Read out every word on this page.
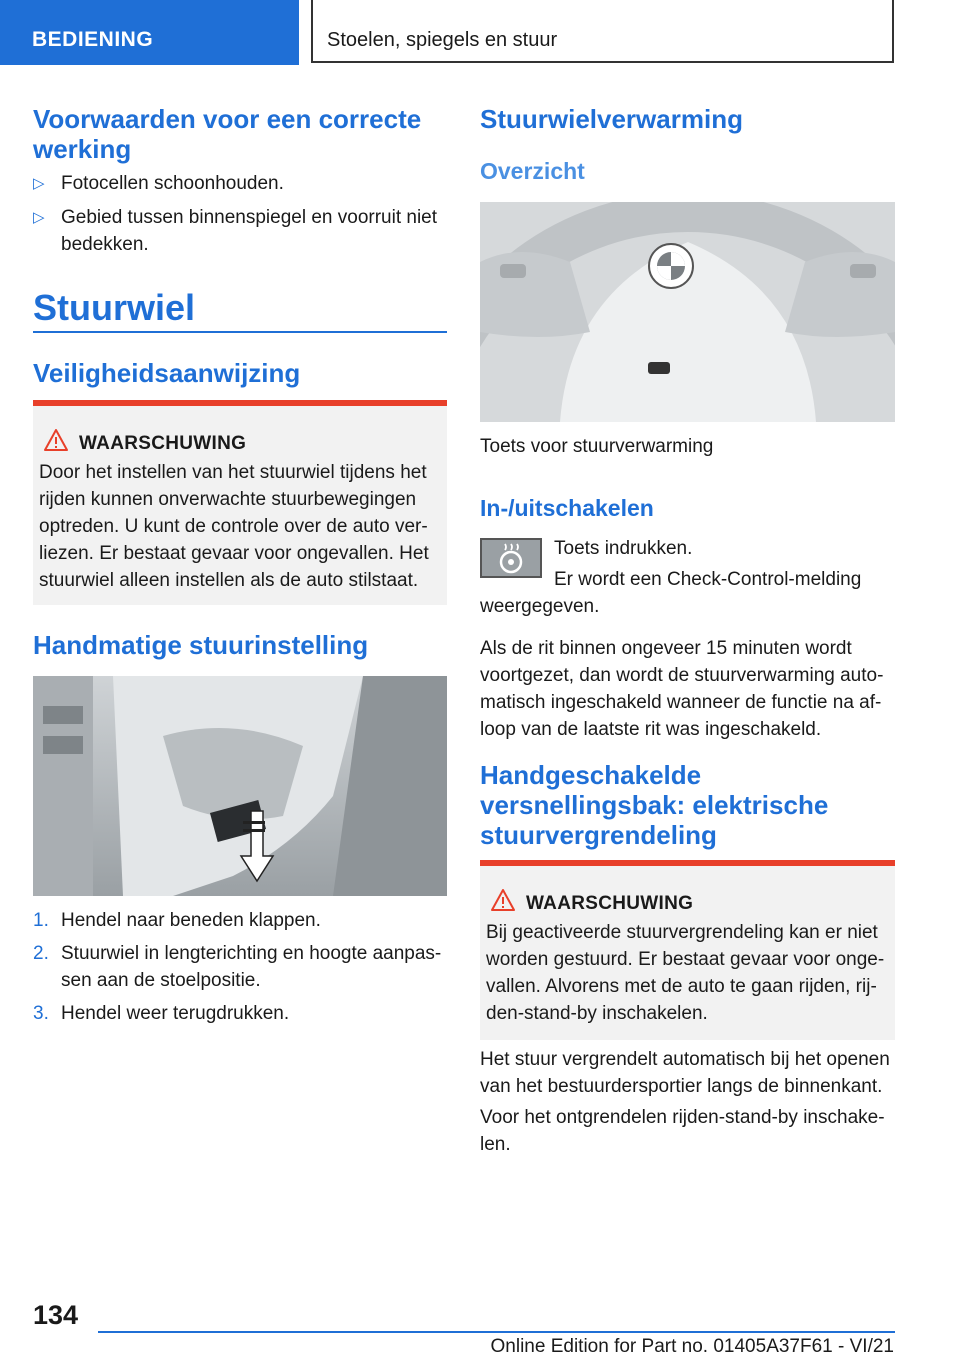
BEDIENING	Stoelen, spiegels en stuur
Voorwaarden voor een correcte werking
▷ Fotocellen schoonhouden.
▷ Gebied tussen binnenspiegel en voorruit niet bedekken.
Stuurwiel
Veiligheidsaanwijzing
WAARSCHUWING

Door het instellen van het stuurwiel tijdens het rijden kunnen onverwachte stuurbewegingen optreden. U kunt de controle over de auto ver-liezen. Er bestaat gevaar voor ongevallen. Het stuurwiel alleen instellen als de auto stilstaat.

Handmatige stuurinstelling
1. Hendel naar beneden klappen.
2. Stuurwiel in lengterichting en hoogte aanpas-sen aan de stoelpositie.
3. Hendel weer terugdrukken.
Stuurwielverwarming
Overzicht

Toets voor stuurverwarming

In-/uitschakelen

Toets indrukken.

Er wordt een Check-Control-melding weergegeven.

Als de rit binnen ongeveer 15 minuten wordt voortgezet, dan wordt de stuurverwarming auto-matisch ingeschakeld wanneer de functie na af-loop van de laatste rit was ingeschakeld.

Handgeschakelde versnellingsbak: elektrische stuurvergrendeling
WAARSCHUWING

Bij geactiveerde stuurvergrendeling kan er niet worden gestuurd. Er bestaat gevaar voor onge-vallen. Alvorens met de auto te gaan rijden, rij-den-stand-by inschakelen.

Het stuur vergrendelt automatisch bij het openen van het bestuurdersportier langs de binnenkant.

Voor het ontgrendelen rijden-stand-by inschake-len.

134
Online Edition for Part no. 01405A37F61 - VI/21
